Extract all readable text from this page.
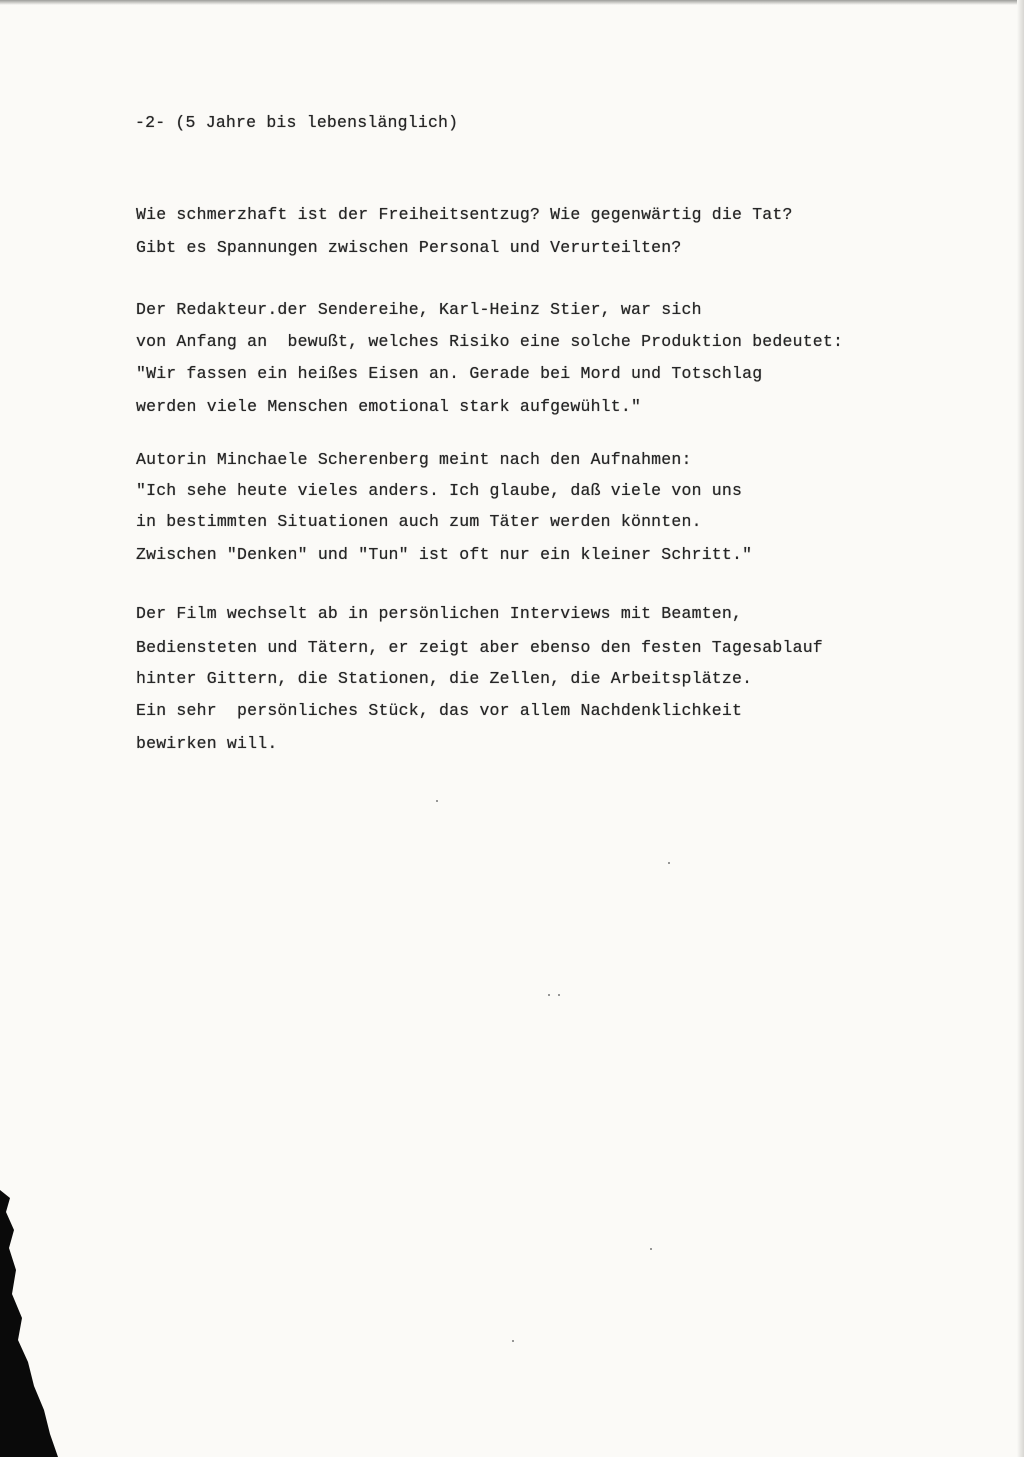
-2- (5 Jahre bis lebenslänglich)

Wie schmerzhaft ist der Freiheitsentzug? Wie gegenwärtig die Tat?

Gibt es Spannungen zwischen Personal und Verurteilten?

Der Redakteur.der Sendereihe, Karl-Heinz Stier, war sich

von Anfang an  bewußt, welches Risiko eine solche Produktion bedeutet:

"Wir fassen ein heißes Eisen an. Gerade bei Mord und Totschlag

werden viele Menschen emotional stark aufgewühlt."

Autorin Minchaele Scherenberg meint nach den Aufnahmen:

"Ich sehe heute vieles anders. Ich glaube, daß viele von uns

in bestimmten Situationen auch zum Täter werden könnten.

Zwischen "Denken" und "Tun" ist oft nur ein kleiner Schritt."

Der Film wechselt ab in persönlichen Interviews mit Beamten,

Bediensteten und Tätern, er zeigt aber ebenso den festen Tagesablauf

hinter Gittern, die Stationen, die Zellen, die Arbeitsplätze.

Ein sehr  persönliches Stück, das vor allem Nachdenklichkeit

bewirken will.
